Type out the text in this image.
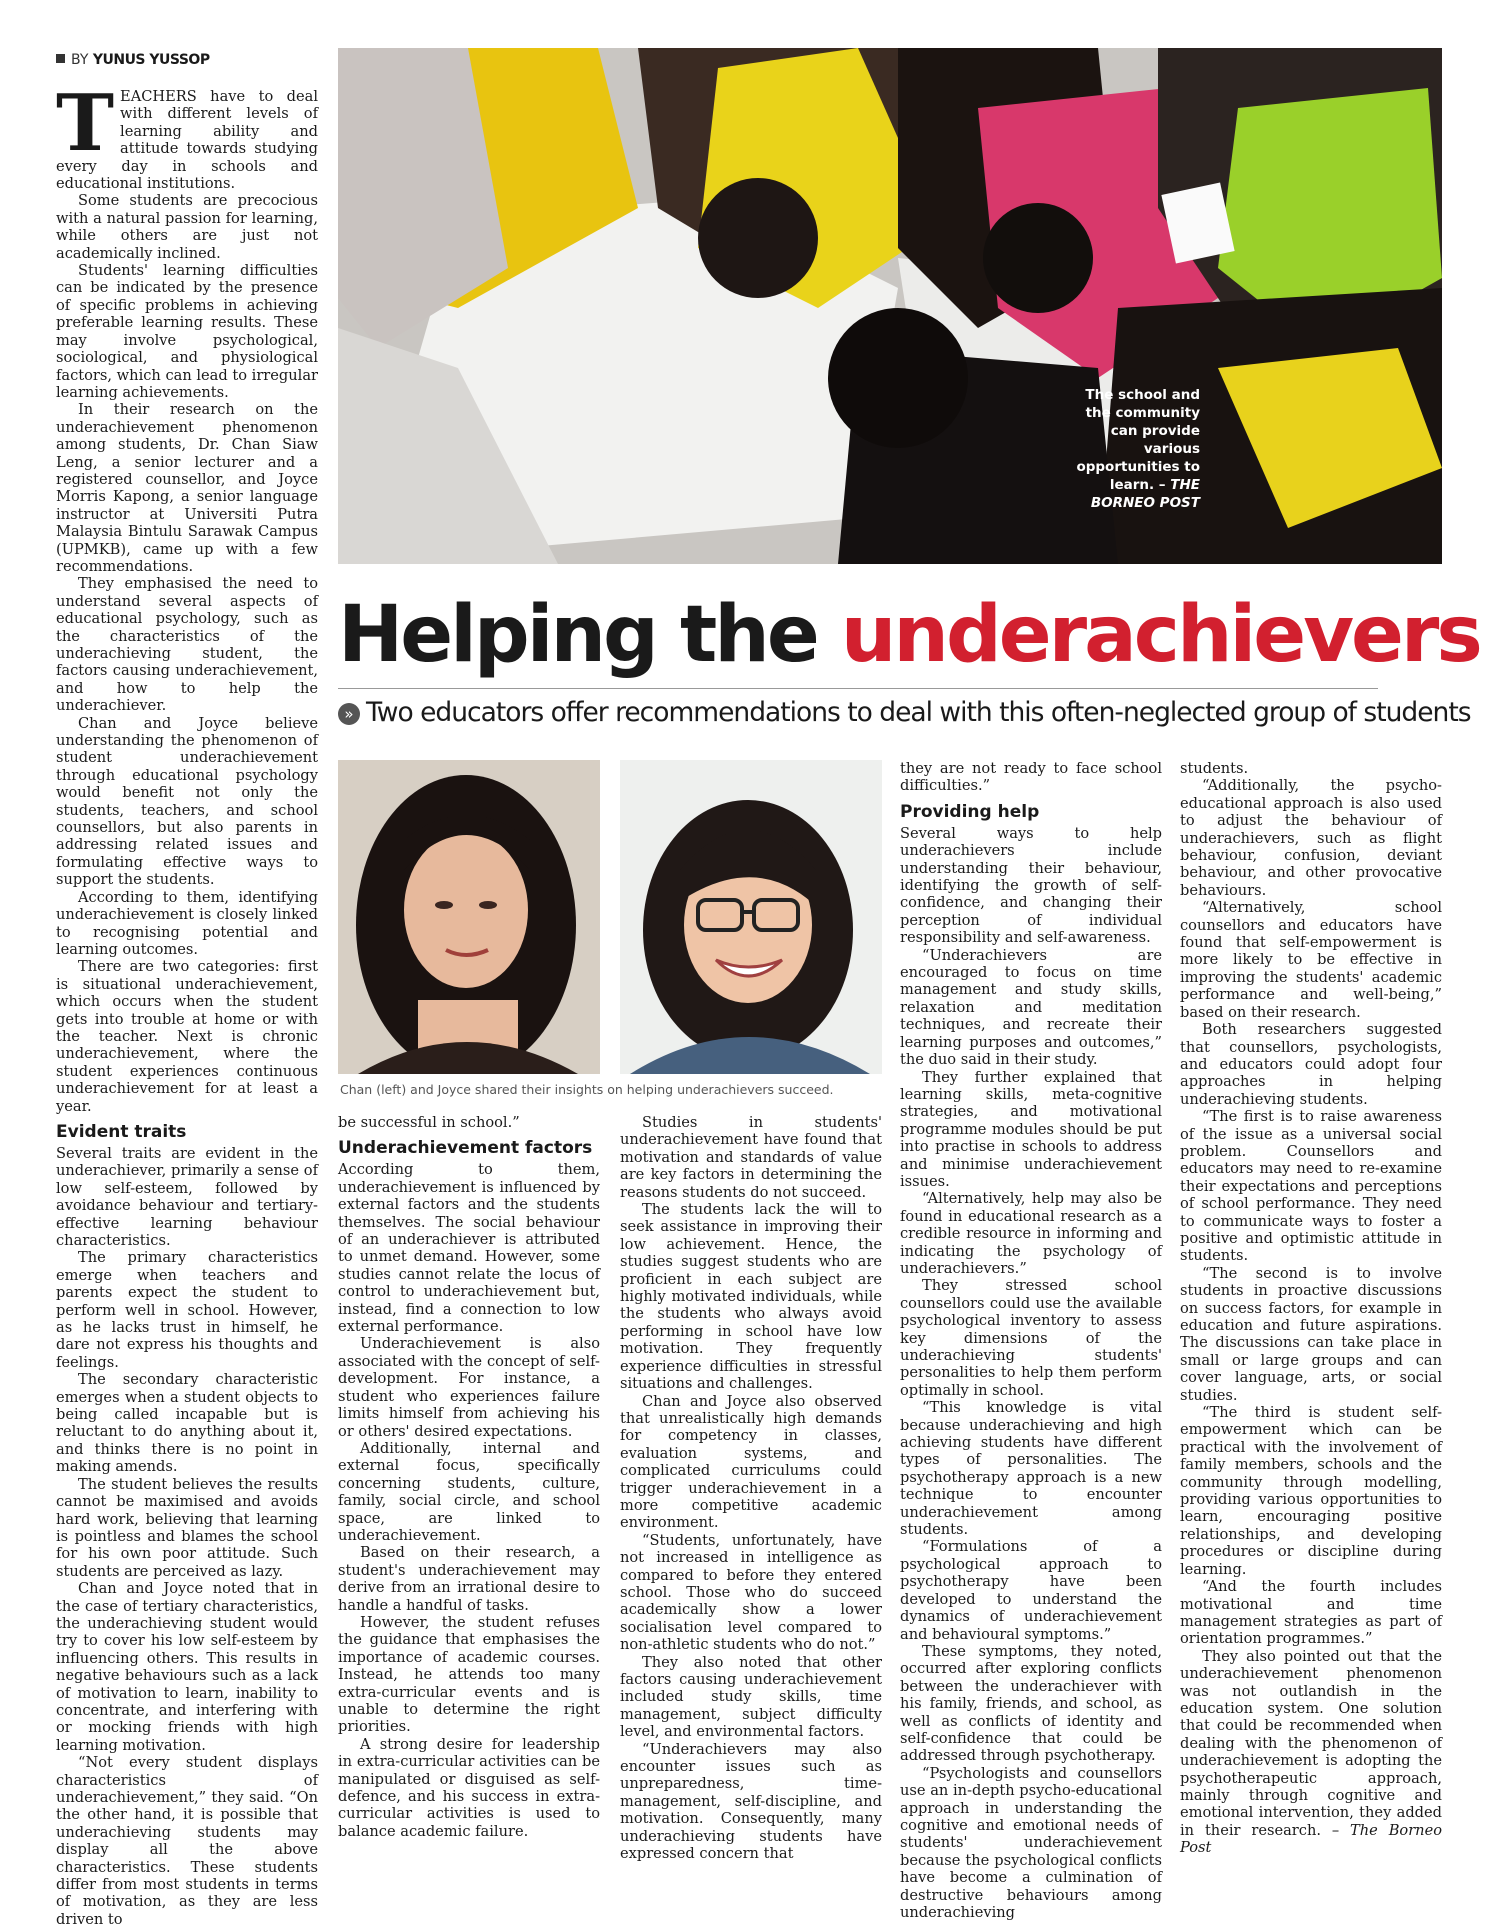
BY YUNUS YUSSOP
The school and the community can provide various opportunities to learn. – THE BORNEO POST
Helping the underachievers
» Two educators offer recommendations to deal with this often-neglected group of students
Chan (left) and Joyce shared their insights on helping underachievers succeed.

TEACHERS have to deal with different levels of learning ability and attitude towards studying every day in schools and educational institutions.

Some students are precocious with a natural passion for learning, while others are just not academically inclined.

Students' learning difficulties can be indicated by the presence of specific problems in achieving preferable learning results. These may involve psychological, sociological, and physiological factors, which can lead to irregular learning achievements.

In their research on the underachievement phenomenon among students, Dr. Chan Siaw Leng, a senior lecturer and a registered counsellor, and Joyce Morris Kapong, a senior language instructor at Universiti Putra Malaysia Bintulu Sarawak Campus (UPMKB), came up with a few recommendations.

They emphasised the need to understand several aspects of educational psychology, such as the characteristics of the underachieving student, the factors causing underachievement, and how to help the underachiever.

Chan and Joyce believe understanding the phenomenon of student underachievement through educational psychology would benefit not only the students, teachers, and school counsellors, but also parents in addressing related issues and formulating effective ways to support the students.

According to them, identifying underachievement is closely linked to recognising potential and learning outcomes.

There are two categories: first is situational underachievement, which occurs when the student gets into trouble at home or with the teacher. Next is chronic underachievement, where the student experiences continuous underachievement for at least a year.

Evident traits

Several traits are evident in the underachiever, primarily a sense of low self-esteem, followed by avoidance behaviour and tertiary-effective learning behaviour characteristics.

The primary characteristics emerge when teachers and parents expect the student to perform well in school. However, as he lacks trust in himself, he dare not express his thoughts and feelings.

The secondary characteristic emerges when a student objects to being called incapable but is reluctant to do anything about it, and thinks there is no point in making amends.

The student believes the results cannot be maximised and avoids hard work, believing that learning is pointless and blames the school for his own poor attitude. Such students are perceived as lazy.

Chan and Joyce noted that in the case of tertiary characteristics, the underachieving student would try to cover his low self-esteem by influencing others. This results in negative behaviours such as a lack of motivation to learn, inability to concentrate, and interfering with or mocking friends with high learning motivation.

“Not every student displays characteristics of underachievement,” they said. “On the other hand, it is possible that underachieving students may display all the above characteristics. These students differ from most students in terms of motivation, as they are less driven to

be successful in school.”

Underachievement factors

According to them, underachievement is influenced by external factors and the students themselves. The social behaviour of an underachiever is attributed to unmet demand. However, some studies cannot relate the locus of control to underachievement but, instead, find a connection to low external performance.

Underachievement is also associated with the concept of self-development. For instance, a student who experiences failure limits himself from achieving his or others' desired expectations.

Additionally, internal and external focus, specifically concerning students, culture, family, social circle, and school space, are linked to underachievement.

Based on their research, a student's underachievement may derive from an irrational desire to handle a handful of tasks.

However, the student refuses the guidance that emphasises the importance of academic courses. Instead, he attends too many extra-curricular events and is unable to determine the right priorities.

A strong desire for leadership in extra-curricular activities can be manipulated or disguised as self-defence, and his success in extra-curricular activities is used to balance academic failure.

Studies in students' underachievement have found that motivation and standards of value are key factors in determining the reasons students do not succeed.

The students lack the will to seek assistance in improving their low achievement. Hence, the studies suggest students who are proficient in each subject are highly motivated individuals, while the students who always avoid performing in school have low motivation. They frequently experience difficulties in stressful situations and challenges.

Chan and Joyce also observed that unrealistically high demands for competency in classes, evaluation systems, and complicated curriculums could trigger underachievement in a more competitive academic environment.

“Students, unfortunately, have not increased in intelligence as compared to before they entered school. Those who do succeed academically show a lower socialisation level compared to non-athletic students who do not.”

They also noted that other factors causing underachievement included study skills, time management, subject difficulty level, and environmental factors.

“Underachievers may also encounter issues such as unpreparedness, time-management, self-discipline, and motivation. Consequently, many underachieving students have expressed concern that

they are not ready to face school difficulties.”

Providing help

Several ways to help underachievers include understanding their behaviour, identifying the growth of self-confidence, and changing their perception of individual responsibility and self-awareness.

“Underachievers are encouraged to focus on time management and study skills, relaxation and meditation techniques, and recreate their learning purposes and outcomes,” the duo said in their study.

They further explained that learning skills, meta-cognitive strategies, and motivational programme modules should be put into practise in schools to address and minimise underachievement issues.

“Alternatively, help may also be found in educational research as a credible resource in informing and indicating the psychology of underachievers.”

They stressed school counsellors could use the available psychological inventory to assess key dimensions of the underachieving students' personalities to help them perform optimally in school.

“This knowledge is vital because underachieving and high achieving students have different types of personalities. The psychotherapy approach is a new technique to encounter underachievement among students.

“Formulations of a psychological approach to psychotherapy have been developed to understand the dynamics of underachievement and behavioural symptoms.”

These symptoms, they noted, occurred after exploring conflicts between the underachiever with his family, friends, and school, as well as conflicts of identity and self-confidence that could be addressed through psychotherapy.

“Psychologists and counsellors use an in-depth psycho-educational approach in understanding the cognitive and emotional needs of students' underachievement because the psychological conflicts have become a culmination of destructive behaviours among underachieving

students.

“Additionally, the psycho-educational approach is also used to adjust the behaviour of underachievers, such as flight behaviour, confusion, deviant behaviour, and other provocative behaviours.

“Alternatively, school counsellors and educators have found that self-empowerment is more likely to be effective in improving the students' academic performance and well-being,” based on their research.

Both researchers suggested that counsellors, psychologists, and educators could adopt four approaches in helping underachieving students.

“The first is to raise awareness of the issue as a universal social problem. Counsellors and educators may need to re-examine their expectations and perceptions of school performance. They need to communicate ways to foster a positive and optimistic attitude in students.

“The second is to involve students in proactive discussions on success factors, for example in education and future aspirations. The discussions can take place in small or large groups and can cover language, arts, or social studies.

“The third is student self-empowerment which can be practical with the involvement of family members, schools and the community through modelling, providing various opportunities to learn, encouraging positive relationships, and developing procedures or discipline during learning.

“And the fourth includes motivational and time management strategies as part of orientation programmes.”

They also pointed out that the underachievement phenomenon was not outlandish in the education system. One solution that could be recommended when dealing with the phenomenon of underachievement is adopting the psychotherapeutic approach, mainly through cognitive and emotional intervention, they added in their research. – The Borneo Post
